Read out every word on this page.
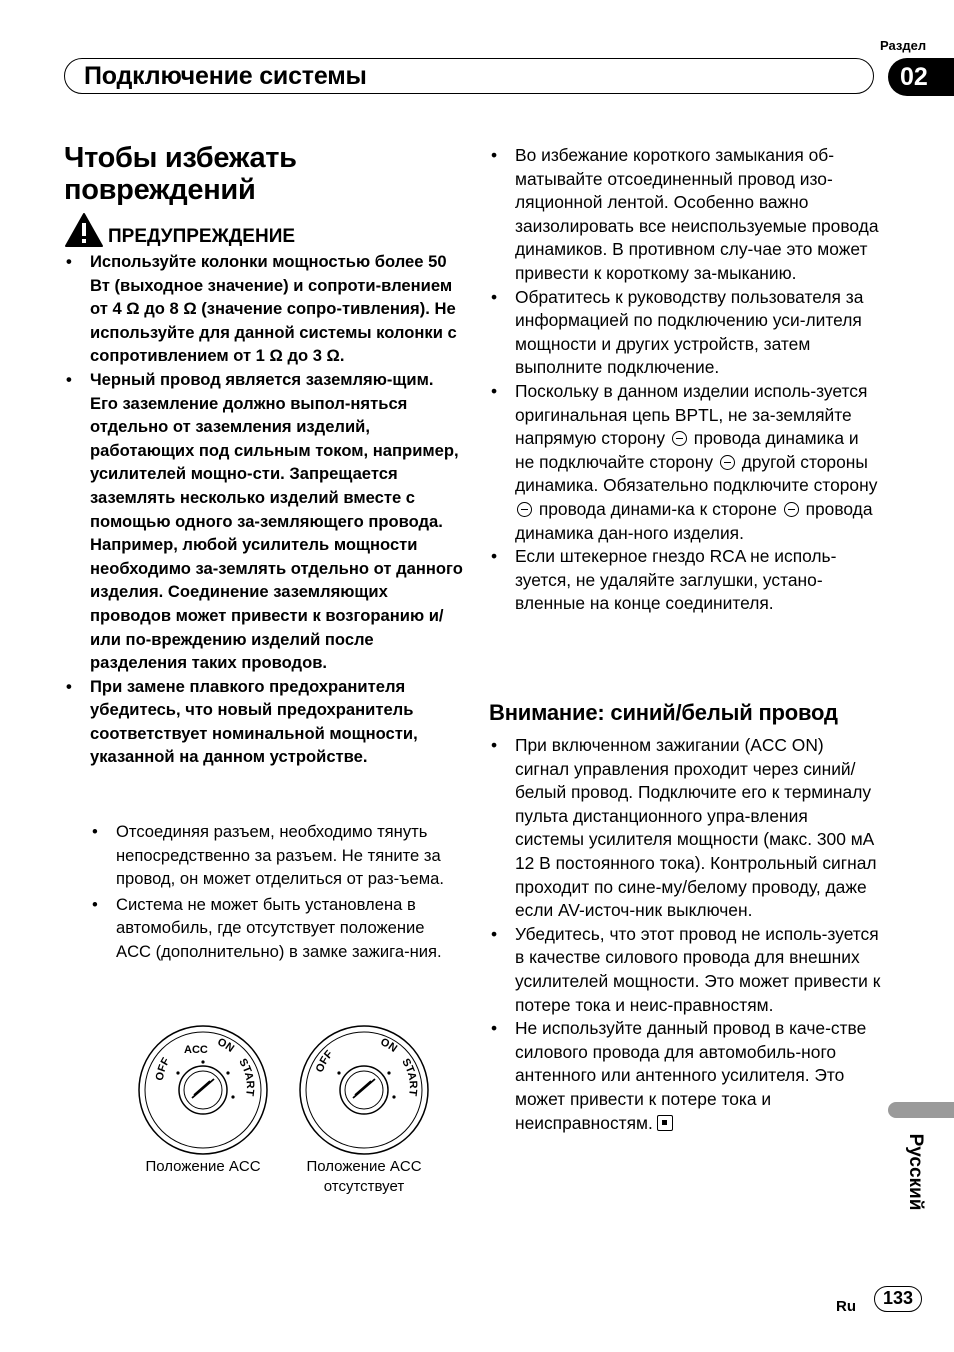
Раздел
Подключение системы	02
Чтобы избежать повреждений
ПРЕДУПРЕЖДЕНИЕ
• Используйте колонки мощностью более 50 Вт (выходное значение) и сопроти-влением от 4 Ω до 8 Ω (значение сопро-тивления). Не используйте для данной системы колонки с сопротивлением от 1 Ω до 3 Ω.
• Черный провод является заземляю-щим. Его заземление должно выпол-няться отдельно от заземления изделий, работающих под сильным током, например, усилителей мощно-сти. Запрещается заземлять несколько изделий вместе с помощью одного за-земляющего провода. Например, любой усилитель мощности необходимо за-землять отдельно от данного изделия. Соединение заземляющих проводов может привести к возгоранию и/или по-вреждению изделий после разделения таких проводов.
• При замене плавкого предохранителя убедитесь, что новый предохранитель соответствует номинальной мощности, указанной на данном устройстве.
• Отсоединяя разъем, необходимо тянуть непосредственно за разъем. Не тяните за провод, он может отделиться от раз-ъема.
• Система не может быть установлена в автомобиль, где отсутствует положение ACC (дополнительно) в замке зажига-ния.
OFF
ACC ON
START
OFF
ON
START
Положение ACC	Положение ACC отсутствует
• Во избежание короткого замыкания об-матывайте отсоединенный провод изо-ляционной лентой. Особенно важно заизолировать все неиспользуемые провода динамиков. В противном слу-чае это может привести к короткому за-мыканию.
• Обратитесь к руководству пользователя за информацией по подключению уси-лителя мощности и других устройств, затем выполните подключение.
• Поскольку в данном изделии исполь-зуется оригинальная цепь BPTL, не за-земляйте напрямую сторону провода динамика и не подключайте сторону другой стороны динамика. Обязательно подключите сторону провода динами-ка к стороне провода динамика дан-ного изделия.
• Если штекерное гнездо RCA не исполь-зуется, не удаляйте заглушки, устано-вленные на конце соединителя.
Внимание: синий/белый провод
• При включенном зажигании (ACC ON) сигнал управления проходит через синий/белый провод. Подключите его к терминалу пульта дистанционного упра-вления системы усилителя мощности (макс. 300 мА 12 В постоянного тока). Контрольный сигнал проходит по сине-му/белому проводу, даже если AV-источ-ник выключен.
• Убедитесь, что этот провод не исполь-зуется в качестве силового провода для внешних усилителей мощности. Это может привести к потере тока и неис-правностям.
• Не используйте данный провод в каче-стве силового провода для автомобиль-ного антенного или антенного усилителя. Это может привести к потере тока и неисправностям.
Русский
Ru	133
